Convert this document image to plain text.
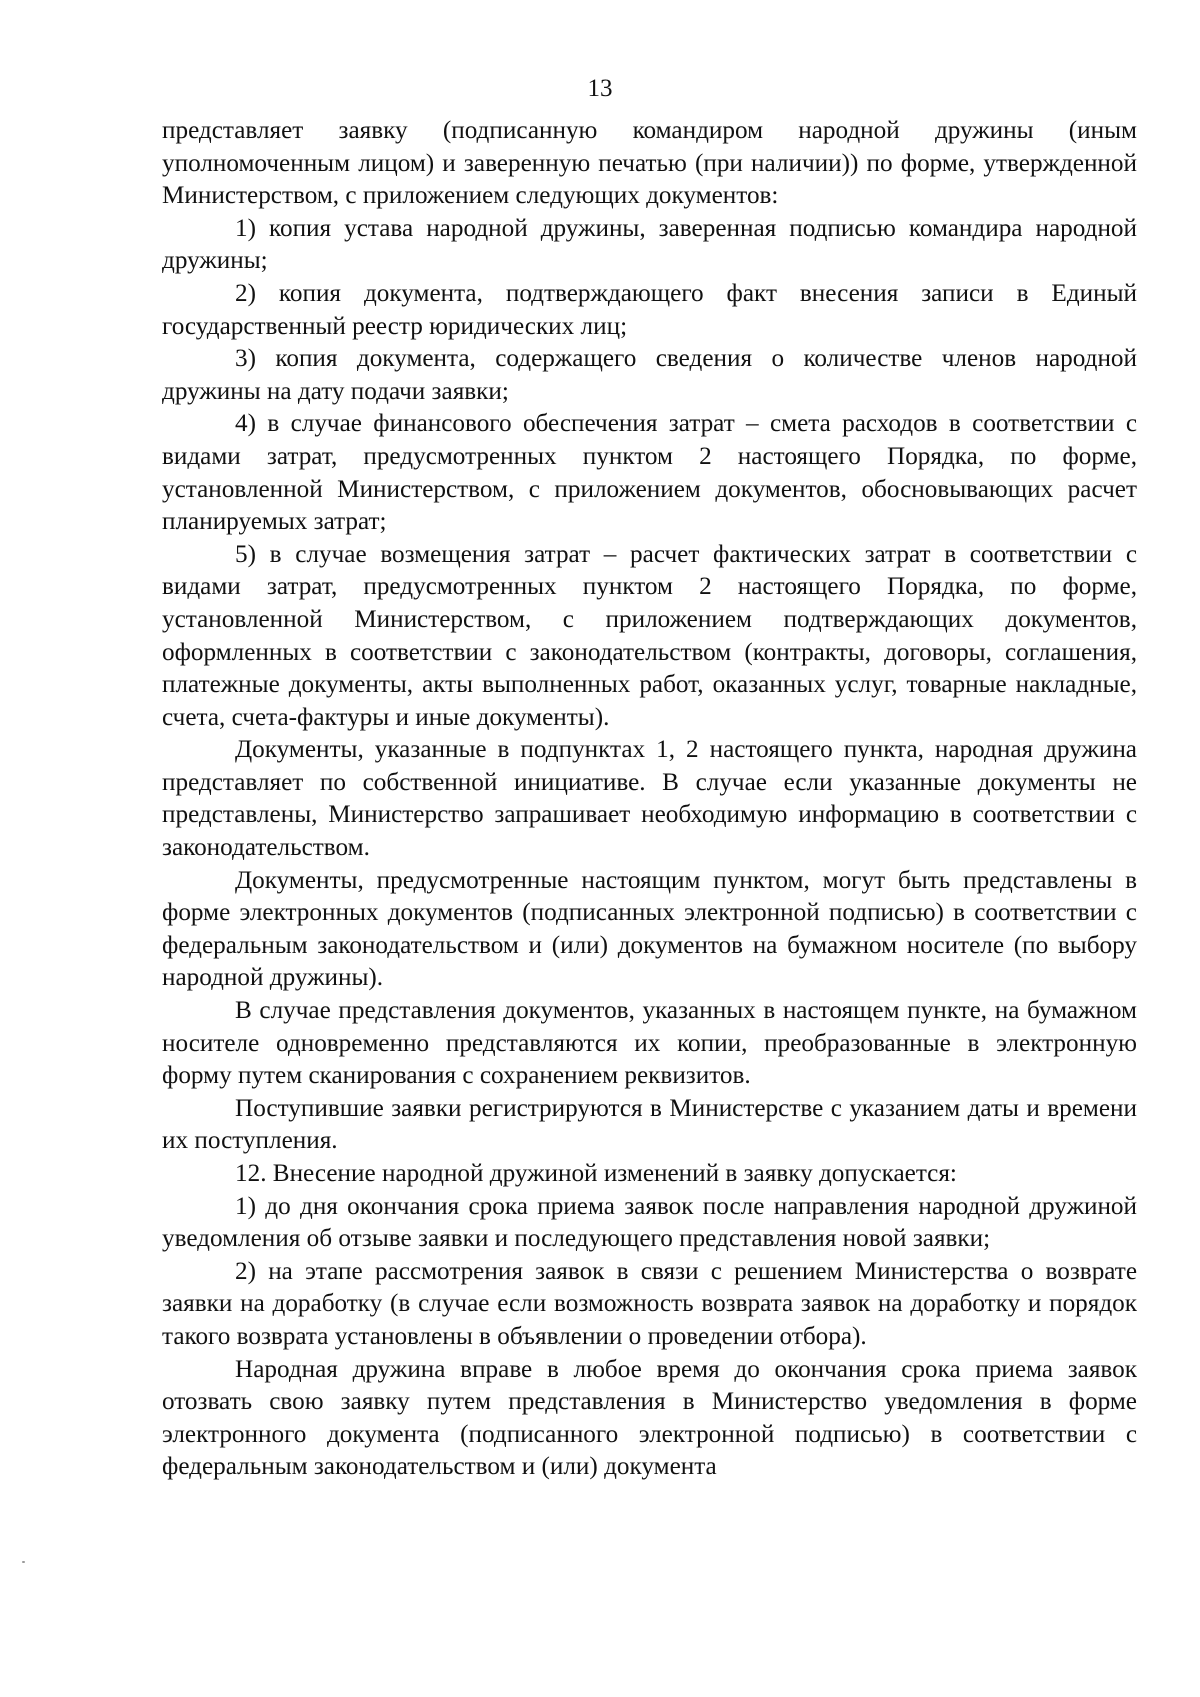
13

представляет заявку (подписанную командиром народной дружины (иным уполномоченным лицом) и заверенную печатью (при наличии)) по форме, утвержденной Министерством, с приложением следующих документов:

1) копия устава народной дружины, заверенная подписью командира народной дружины;

2) копия документа, подтверждающего факт внесения записи в Единый государственный реестр юридических лиц;

3) копия документа, содержащего сведения о количестве членов народной дружины на дату подачи заявки;

4) в случае финансового обеспечения затрат – смета расходов в соответствии с видами затрат, предусмотренных пунктом 2 настоящего Порядка, по форме, установленной Министерством, с приложением документов, обосновывающих расчет планируемых затрат;

5) в случае возмещения затрат – расчет фактических затрат в соответствии с видами затрат, предусмотренных пунктом 2 настоящего Порядка, по форме, установленной Министерством, с приложением подтверждающих документов, оформленных в соответствии с законодательством (контракты, договоры, соглашения, платежные документы, акты выполненных работ, оказанных услуг, товарные накладные, счета, счета-фактуры и иные документы).

Документы, указанные в подпунктах 1, 2 настоящего пункта, народная дружина представляет по собственной инициативе. В случае если указанные документы не представлены, Министерство запрашивает необходимую информацию в соответствии с законодательством.

Документы, предусмотренные настоящим пунктом, могут быть представлены в форме электронных документов (подписанных электронной подписью) в соответствии с федеральным законодательством и (или) документов на бумажном носителе (по выбору народной дружины).

В случае представления документов, указанных в настоящем пункте, на бумажном носителе одновременно представляются их копии, преобразованные в электронную форму путем сканирования с сохранением реквизитов.

Поступившие заявки регистрируются в Министерстве с указанием даты и времени их поступления.

12. Внесение народной дружиной изменений в заявку допускается:

1) до дня окончания срока приема заявок после направления народной дружиной уведомления об отзыве заявки и последующего представления новой заявки;

2) на этапе рассмотрения заявок в связи с решением Министерства о возврате заявки на доработку (в случае если возможность возврата заявок на доработку и порядок такого возврата установлены в объявлении о проведении отбора).

Народная дружина вправе в любое время до окончания срока приема заявок отозвать свою заявку путем представления в Министерство уведомления в форме электронного документа (подписанного электронной подписью) в соответствии с федеральным законодательством и (или) документа
